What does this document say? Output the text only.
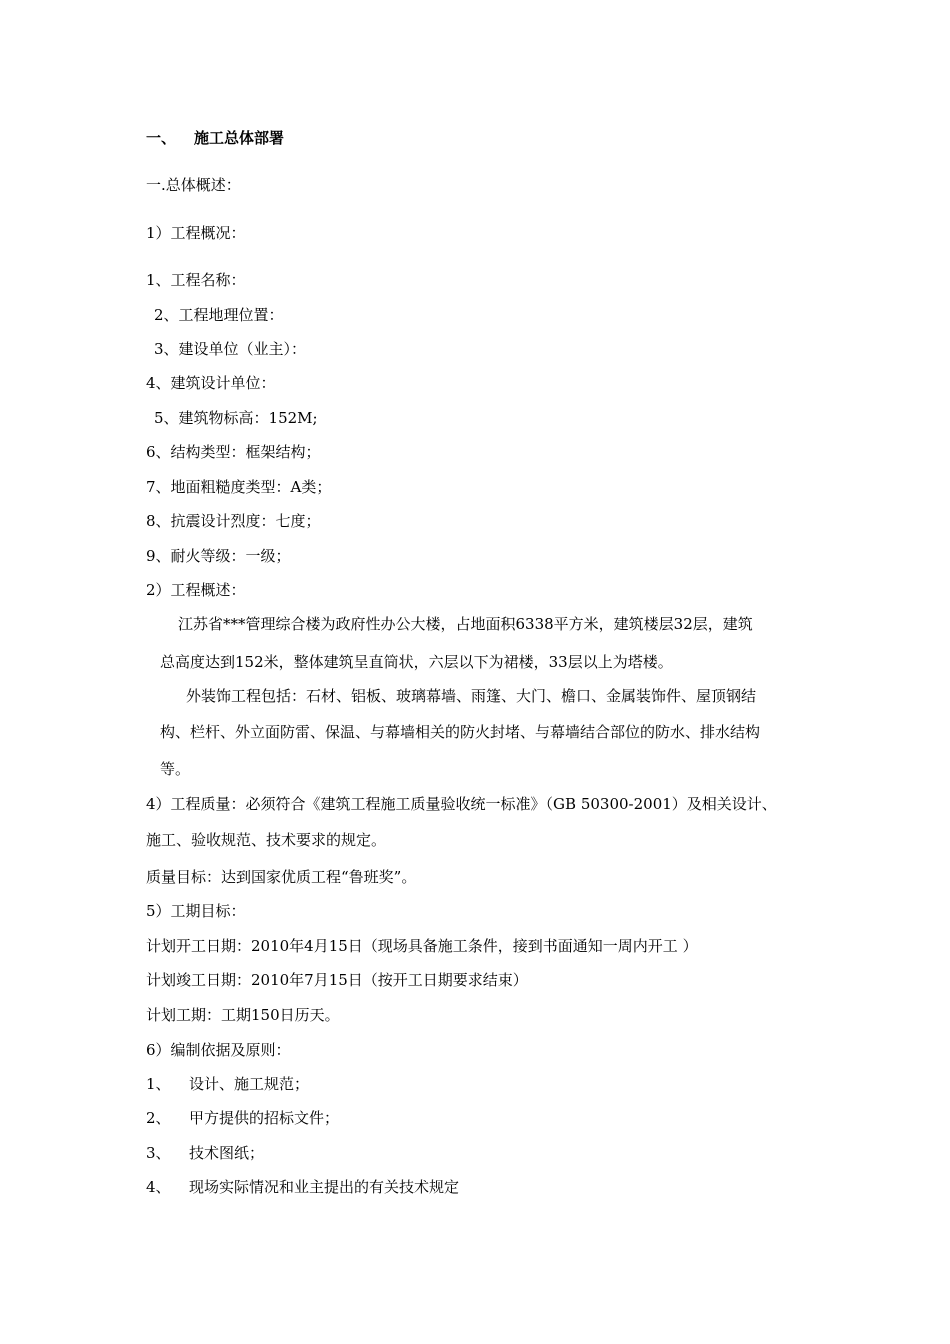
一、 施工总体部署
一.总体概述：
1）工程概况：
1、工程名称：
2、工程地理位置：
3、建设单位（业主）：
4、建筑设计单位：
5、建筑物标高：152M;
6、结构类型：框架结构；
7、地面粗糙度类型：A类；
8、抗震设计烈度：七度；
9、耐火等级：一级；
2）工程概述：
江苏省***管理综合楼为政府性办公大楼，占地面积6338平方米，建筑楼层32层，建筑
总高度达到152米，整体建筑呈直筒状，六层以下为裙楼，33层以上为塔楼。
外装饰工程包括：石材、铝板、玻璃幕墙、雨篷、大门、檐口、金属装饰件、屋顶钢结
构、栏杆、外立面防雷、保温、与幕墙相关的防火封堵、与幕墙结合部位的防水、排水结构
等。
4）工程质量：必须符合《建筑工程施工质量验收统一标准》（GB 50300-2001）及相关设计、
施工、验收规范、技术要求的规定。
质量目标：达到国家优质工程“鲁班奖”。
5）工期目标：
计划开工日期：2010年4月15日（现场具备施工条件，接到书面通知一周内开工 ）
计划竣工日期：2010年7月15日（按开工日期要求结束）
计划工期：工期150日历天。
6）编制依据及原则：
1、 设计、施工规范；
2、 甲方提供的招标文件；
3、 技术图纸；
4、 现场实际情况和业主提出的有关技术规定
